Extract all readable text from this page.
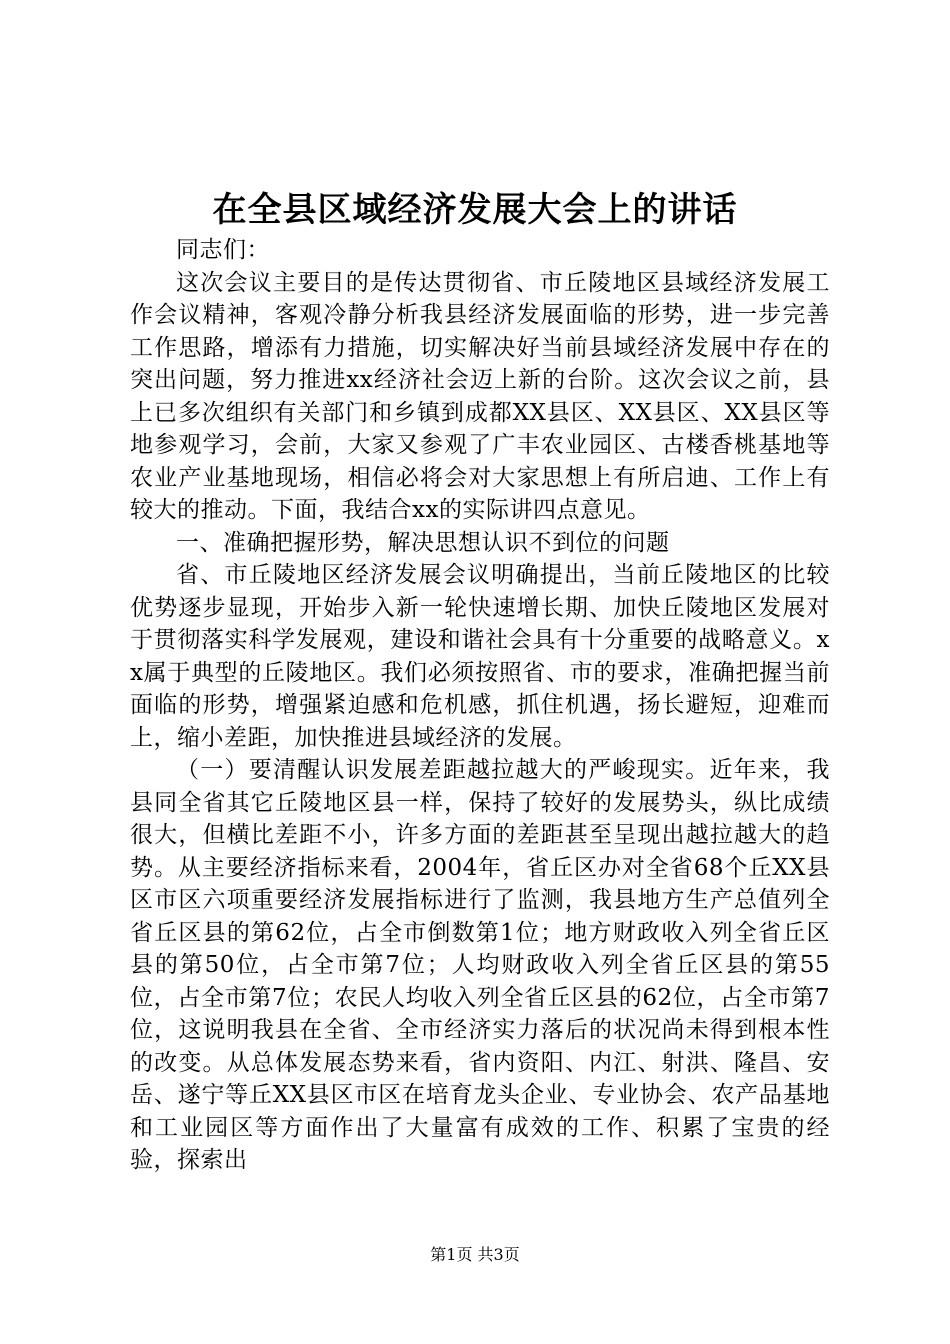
在全县区域经济发展大会上的讲话

同志们：

这次会议主要目的是传达贯彻省、市丘陵地区县域经济发展工作会议精神，客观冷静分析我县经济发展面临的形势，进一步完善工作思路，增添有力措施，切实解决好当前县域经济发展中存在的突出问题，努力推进xx经济社会迈上新的台阶。这次会议之前，县上已多次组织有关部门和乡镇到成都XX县区、XX县区、XX县区等地参观学习，会前，大家又参观了广丰农业园区、古楼香桃基地等农业产业基地现场，相信必将会对大家思想上有所启迪、工作上有较大的推动。下面，我结合xx的实际讲四点意见。

一、准确把握形势，解决思想认识不到位的问题

省、市丘陵地区经济发展会议明确提出，当前丘陵地区的比较优势逐步显现，开始步入新一轮快速增长期、加快丘陵地区发展对于贯彻落实科学发展观，建设和谐社会具有十分重要的战略意义。xx属于典型的丘陵地区。我们必须按照省、市的要求，准确把握当前面临的形势，增强紧迫感和危机感，抓住机遇，扬长避短，迎难而上，缩小差距，加快推进县域经济的发展。

（一）要清醒认识发展差距越拉越大的严峻现实。近年来，我县同全省其它丘陵地区县一样，保持了较好的发展势头，纵比成绩很大，但横比差距不小，许多方面的差距甚至呈现出越拉越大的趋势。从主要经济指标来看，2004年，省丘区办对全省68个丘XX县区市区六项重要经济发展指标进行了监测，我县地方生产总值列全省丘区县的第62位，占全市倒数第1位；地方财政收入列全省丘区县的第50位，占全市第7位；人均财政收入列全省丘区县的第55位，占全市第7位；农民人均收入列全省丘区县的62位，占全市第7位，这说明我县在全省、全市经济实力落后的状况尚未得到根本性的改变。从总体发展态势来看，省内资阳、内江、射洪、隆昌、安岳、遂宁等丘XX县区市区在培育龙头企业、专业协会、农产品基地和工业园区等方面作出了大量富有成效的工作、积累了宝贵的经验，探索出

第1页 共3页
